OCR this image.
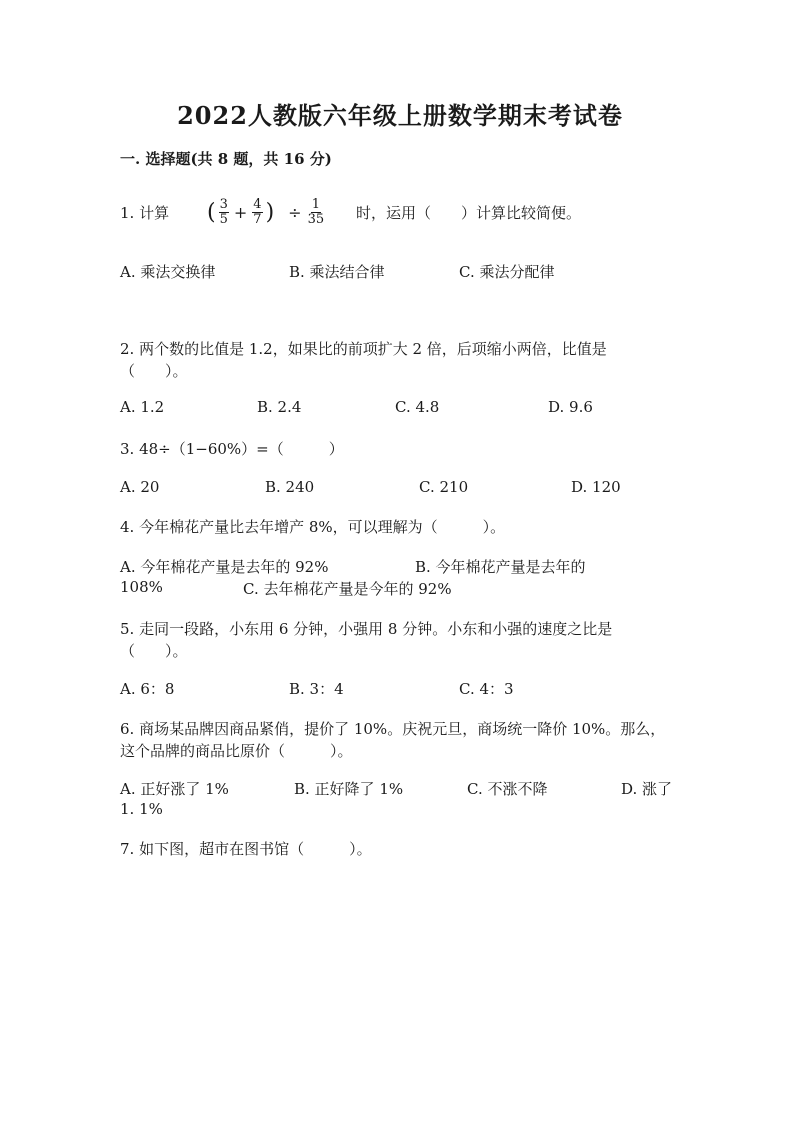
2022人教版六年级上册数学期末考试卷
一. 选择题(共 8 题，共 16 分)
1. 计算 ( $\frac{3}{5} + \frac{4}{7}$ ) ÷ $\frac{1}{35}$ 时，运用（　　）计算比较简便。
A. 乘法交换律	B. 乘法结合律	C. 乘法分配律
2. 两个数的比值是 1.2，如果比的前项扩大 2 倍，后项缩小两倍，比值是
（　　）。
A. 1.2	B. 2.4	C. 4.8	D. 9.6
3. 48÷（1−60%）=（　　　）
A. 20	B. 240	C. 210	D. 120
4. 今年棉花产量比去年增产 8%，可以理解为（　　　）。
A. 今年棉花产量是去年的 92%	B. 今年棉花产量是去年的
108%	C. 去年棉花产量是今年的 92%
5. 走同一段路，小东用 6 分钟，小强用 8 分钟。小东和小强的速度之比是
（　　）。
A. 6：8	B. 3：4	C. 4：3
6. 商场某品牌因商品紧俏，提价了 10%。庆祝元旦，商场统一降价 10%。那么，
这个品牌的商品比原价（　　　）。
A. 正好涨了 1%	B. 正好降了 1%	C. 不涨不降	D. 涨了
1. 1%
7. 如下图，超市在图书馆（　　　）。
